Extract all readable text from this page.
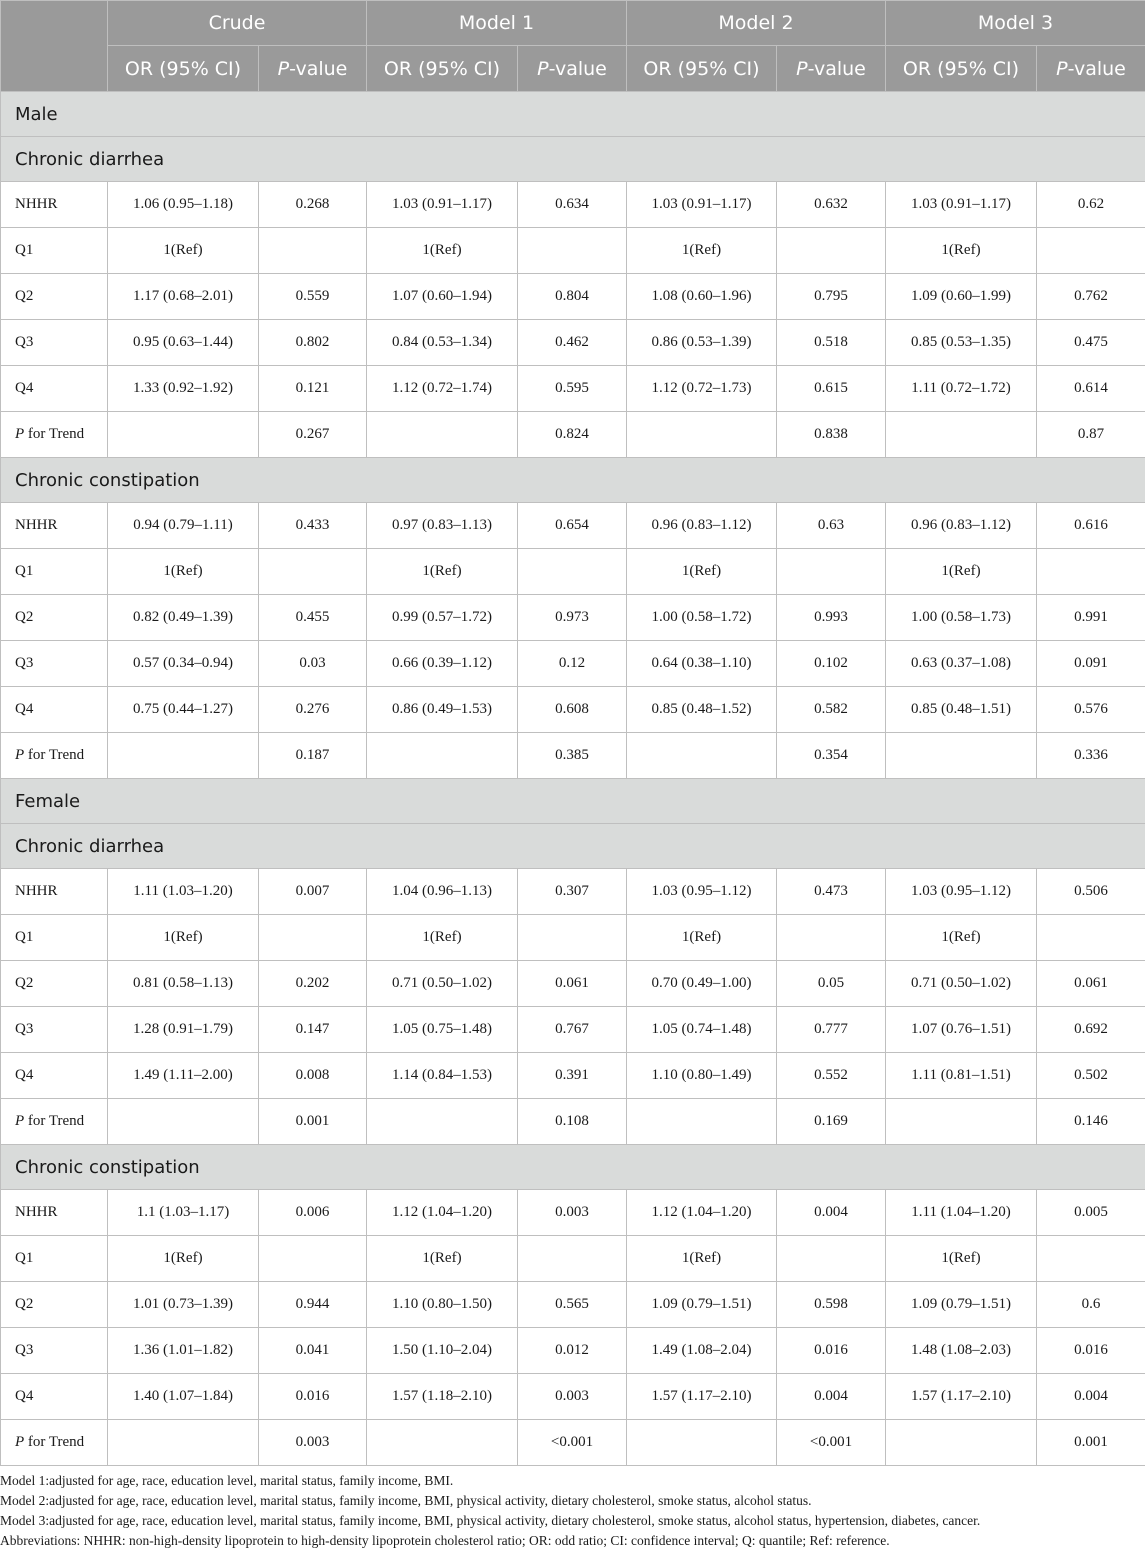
	Crude		Model 1		Model 2		Model 3	
	OR (95% CI)	P-value	OR (95% CI)	P-value	OR (95% CI)	P-value	OR (95% CI)	P-value
Male								
Chronic diarrhea								
NHHR	1.06 (0.95–1.18)	0.268	1.03 (0.91–1.17)	0.634	1.03 (0.91–1.17)	0.632	1.03 (0.91–1.17)	0.62
Q1	1(Ref)		1(Ref)		1(Ref)		1(Ref)	
Q2	1.17 (0.68–2.01)	0.559	1.07 (0.60–1.94)	0.804	1.08 (0.60–1.96)	0.795	1.09 (0.60–1.99)	0.762
Q3	0.95 (0.63–1.44)	0.802	0.84 (0.53–1.34)	0.462	0.86 (0.53–1.39)	0.518	0.85 (0.53–1.35)	0.475
Q4	1.33 (0.92–1.92)	0.121	1.12 (0.72–1.74)	0.595	1.12 (0.72–1.73)	0.615	1.11 (0.72–1.72)	0.614
P for Trend		0.267		0.824		0.838		0.87
Chronic constipation								
NHHR	0.94 (0.79–1.11)	0.433	0.97 (0.83–1.13)	0.654	0.96 (0.83–1.12)	0.63	0.96 (0.83–1.12)	0.616
Q1	1(Ref)		1(Ref)		1(Ref)		1(Ref)	
Q2	0.82 (0.49–1.39)	0.455	0.99 (0.57–1.72)	0.973	1.00 (0.58–1.72)	0.993	1.00 (0.58–1.73)	0.991
Q3	0.57 (0.34–0.94)	0.03	0.66 (0.39–1.12)	0.12	0.64 (0.38–1.10)	0.102	0.63 (0.37–1.08)	0.091
Q4	0.75 (0.44–1.27)	0.276	0.86 (0.49–1.53)	0.608	0.85 (0.48–1.52)	0.582	0.85 (0.48–1.51)	0.576
P for Trend		0.187		0.385		0.354		0.336
Female								
Chronic diarrhea								
NHHR	1.11 (1.03–1.20)	0.007	1.04 (0.96–1.13)	0.307	1.03 (0.95–1.12)	0.473	1.03 (0.95–1.12)	0.506
Q1	1(Ref)		1(Ref)		1(Ref)		1(Ref)	
Q2	0.81 (0.58–1.13)	0.202	0.71 (0.50–1.02)	0.061	0.70 (0.49–1.00)	0.05	0.71 (0.50–1.02)	0.061
Q3	1.28 (0.91–1.79)	0.147	1.05 (0.75–1.48)	0.767	1.05 (0.74–1.48)	0.777	1.07 (0.76–1.51)	0.692
Q4	1.49 (1.11–2.00)	0.008	1.14 (0.84–1.53)	0.391	1.10 (0.80–1.49)	0.552	1.11 (0.81–1.51)	0.502
P for Trend		0.001		0.108		0.169		0.146
Chronic constipation								
NHHR	1.1 (1.03–1.17)	0.006	1.12 (1.04–1.20)	0.003	1.12 (1.04–1.20)	0.004	1.11 (1.04–1.20)	0.005
Q1	1(Ref)		1(Ref)		1(Ref)		1(Ref)	
Q2	1.01 (0.73–1.39)	0.944	1.10 (0.80–1.50)	0.565	1.09 (0.79–1.51)	0.598	1.09 (0.79–1.51)	0.6
Q3	1.36 (1.01–1.82)	0.041	1.50 (1.10–2.04)	0.012	1.49 (1.08–2.04)	0.016	1.48 (1.08–2.03)	0.016
Q4	1.40 (1.07–1.84)	0.016	1.57 (1.18–2.10)	0.003	1.57 (1.17–2.10)	0.004	1.57 (1.17–2.10)	0.004
P for Trend		0.003		<0.001		<0.001		0.001
Model 1:adjusted for age, race, education level, marital status, family income, BMI.
Model 2:adjusted for age, race, education level, marital status, family income, BMI, physical activity, dietary cholesterol, smoke status, alcohol status.
Model 3:adjusted for age, race, education level, marital status, family income, BMI, physical activity, dietary cholesterol, smoke status, alcohol status, hypertension, diabetes, cancer.
Abbreviations: NHHR: non-high-density lipoprotein to high-density lipoprotein cholesterol ratio; OR: odd ratio; CI: confidence interval; Q: quantile; Ref: reference.
